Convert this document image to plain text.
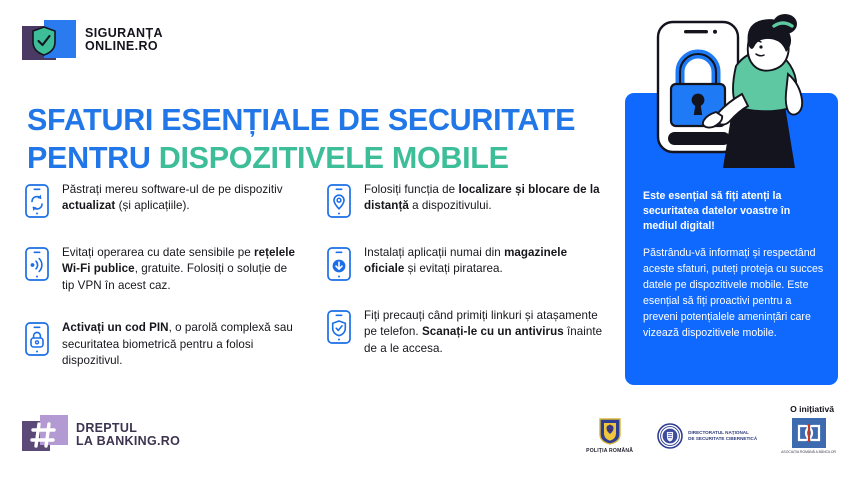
SIGURANȚA
ONLINE.RO
SFATURI ESENȚIALE DE SECURITATE
PENTRU DISPOZITIVELE MOBILE
Păstrați mereu software-ul de pe dispozitiv actualizat (și aplicațiile).
Evitați operarea cu date sensibile pe rețelele Wi-Fi publice, gratuite. Folosiți o soluție de tip VPN în acest caz.
Activați un cod PIN, o parolă complexă sau securitatea biometrică pentru a folosi dispozitivul.
Folosiți funcția de localizare și blocare de la distanță a dispozitivului.
Instalați aplicații numai din magazinele oficiale și evitați piratarea.
Fiți precauți când primiți linkuri și atașamente pe telefon. Scanați-le cu un antivirus înainte de a le accesa.
Este esențial să fiți atenți la securitatea datelor voastre în mediul digital!
Păstrându-vă informați și respectând aceste sfaturi, puteți proteja cu succes datele pe dispozitivele mobile. Este esențial să fiți proactivi pentru a preveni potențialele amenințări care vizează dispozitivele mobile.
DREPTUL
LA BANKING.RO
O inițiativă
POLIȚIA ROMÂNĂ
DIRECTORATUL NAȚIONAL
DE SECURITATE CIBERNETICĂ
ASOCIAȚIA ROMÂNĂ A BĂNCILOR
